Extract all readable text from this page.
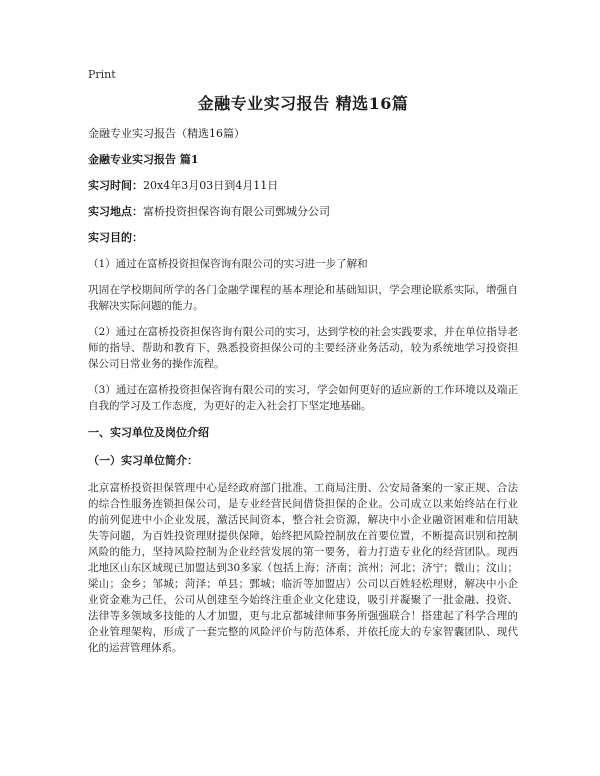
Print
金融专业实习报告 精选16篇
金融专业实习报告（精选16篇）
金融专业实习报告 篇1
实习时间：20x4年3月03日到4月11日
实习地点：富桥投资担保咨询有限公司鄄城分公司
实习目的：
（1）通过在富桥投资担保咨询有限公司的实习进一步了解和
巩固在学校期间所学的各门金融学课程的基本理论和基础知识，学会理论联系实际，增强自我解决实际问题的能力。
（2）通过在富桥投资担保咨询有限公司的实习，达到学校的社会实践要求，并在单位指导老师的指导、帮助和教育下，熟悉投资担保公司的主要经济业务活动，较为系统地学习投资担保公司日常业务的操作流程。
（3）通过在富桥投资担保咨询有限公司的实习，学会如何更好的适应新的工作环境以及端正自我的学习及工作态度，为更好的走入社会打下坚定地基础。
一、实习单位及岗位介绍
（一）实习单位简介：
北京富桥投资担保管理中心是经政府部门批准、工商局注册、公安局备案的一家正规、合法的综合性服务连锁担保公司，是专业经营民间借贷担保的企业。公司成立以来始终站在行业的前列促进中小企业发展，激活民间资本，整合社会资源，解决中小企业融资困难和信用缺失等问题，为百姓投资理财提供保障，始终把风险控制放在首要位置，不断提高识别和控制风险的能力，坚持风险控制为企业经营发展的第一要务，着力打造专业化的经营团队。现西北地区山东区域现已加盟达到30多家（包括上海；济南；滨州；河北；济宁；微山；汶山；梁山；金乡；邹城；菏泽；单县；鄄城；临沂等加盟店）公司以百姓轻松理财，解决中小企业资金难为己任，公司从创建至今始终注重企业文化建设，吸引并凝聚了一批金融、投资、法律等多领域多技能的人才加盟，更与北京都城律师事务所强强联合！搭建起了科学合理的企业管理架构，形成了一套完整的风险评价与防范体系，并依托庞大的专家智囊团队、现代化的运营管理体系。
